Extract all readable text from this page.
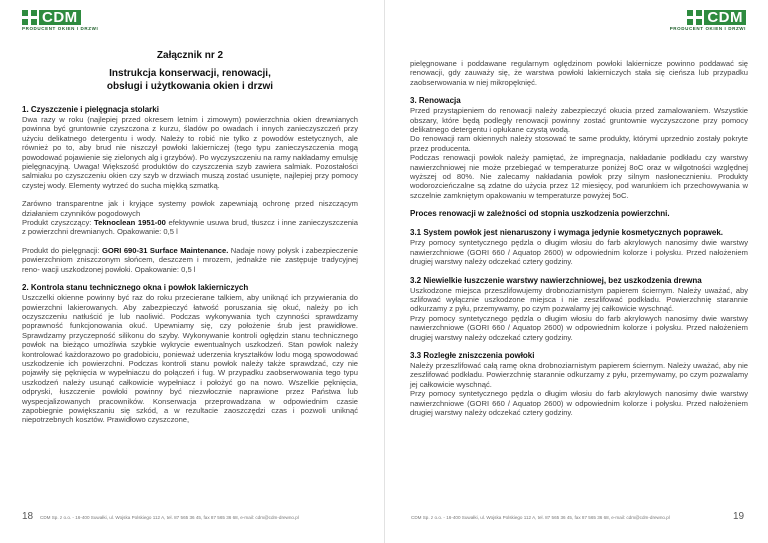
CDM
PRODUCENT OKIEN I DRZWI
Załącznik nr 2
Instrukcja konserwacji, renowacji,
obsługi i użytkowania okien i drzwi
1. Czyszczenie i pielęgnacja stolarki

Dwa razy w roku (najlepiej przed okresem letnim i zimowym) powierzchnia okien drewnianych powinna być gruntownie czyszczona z kurzu, śladów po owadach i innych zanieczyszczeń przy użyciu delikatnego detergentu i wody. Należy to robić nie tylko z powodów estetycznych, ale również po to, aby brud nie niszczył powłoki lakierniczej (tego typu zanieczyszczenia mogą powodować pojawienie się zielonych alg i grzybów). Po wyczyszczeniu na ramy nakładamy emulsję pielęgnacyjną. Uwaga! Większość produktów do czyszczenia szyb zawiera salmiak. Pozostałości salmiaku po czyszczeniu okien czy szyb w drzwiach muszą zostać usunięte, najlepiej przy pomocy czystej wody. Elementy wytrzeć do sucha miękką szmatką.

Zarówno transparentne jak i kryjące systemy powłok zapewniają ochronę przed niszczącym działaniem czynników pogodowych

Produkt czyszczący: Teknoclean 1951-00 efektywnie usuwa brud, tłuszcz i inne zanieczyszczenia z powierzchni drewnianych. Opakowanie: 0,5 l

Produkt do pielęgnacji: GORI 690-31 Surface Maintenance. Nadaje nowy połysk i zabezpieczenie powierzchniom zniszczonym słońcem, deszczem i mrozem, jednakże nie zastępuje tradycyjnej reno- wacji uszkodzonej powłoki. Opakowanie: 0,5 l

2. Kontrola stanu technicznego okna i powłok lakierniczych

Uszczelki okienne powinny być raz do roku przecierane talkiem, aby uniknąć ich przywierania do powierzchni lakierowanych. Aby zabezpieczyć łatwość poruszania się okuć, należy po ich oczyszczeniu natłuścić je lub naoliwić. Podczas wykonywania tych czynności sprawdzamy poprawność funkcjonowania okuć. Upewniamy się, czy położenie śrub jest prawidłowe. Sprawdzamy przyczepność silikonu do szyby. Wykonywanie kontroli ogłędzin stanu technicznego powłok na bieżąco umożliwia szybkie wykrycie ewentualnych uszkodzeń. Stan powłok należy kontrolować każdorazowo po gradobiciu, ponieważ uderzenia kryształków lodu mogą spowodować uszkodzenie ich powierzchni. Podczas kontroli stanu powłok należy także sprawdzać, czy nie pojawiły się pęknięcia w wypełniaczu do połączeń i fug. W przypadku zaobserwowania tego typu uszkodzeń należy usunąć całkowicie wypełniacz i położyć go na nowo. Wszelkie pęknięcia, odpryski, łuszczenie powłoki powinny być niezwłocznie naprawione przez Państwa lub wyspecjalizowanych pracowników. Konserwacja przeprowadzana w odpowiednim czasie zapobiegnie powiększaniu się szkód, a w rezultacie zaoszczędzi czas i pozwoli uniknąć niepotrzebnych kosztów. Prawidłowo czyszczone,

18 CDM Sp. z o.o. - 16-400 Suwałki, ul. Wojska Polskiego 112 A, tel. 87 565 36 45, fax 87 565 36 68, e-mail: cdm@cdm-drewno.pl
CDM
PRODUCENT OKIEN I DRZWI

pielęgnowane i poddawane regularnym oględzinom powłoki lakiernicze powinno poddawać się renowacji, gdy zauważy się, że warstwa powłoki lakierniczych stała się cieńsza lub przypadku zaobserwowania w niej mikropęknięć.

3. Renowacja

Przed przystąpieniem do renowacji należy zabezpieczyć okucia przed zamalowaniem. Wszystkie obszary, które będą podległy renowacji powinny zostać gruntownie wyczyszczone przy pomocy delikatnego detergentu i opłukane czystą wodą.

Do renowacji ram okiennych należy stosować te same produkty, którymi uprzednio zostały pokryte przez producenta.

Podczas renowacji powłok należy pamiętać, że impregnacja, nakładanie podkładu czy warstwy nawierzchniowej nie może przebiegać w temperaturze poniżej 8oC oraz w wilgotności względnej wyższej od 80%. Nie zalecamy nakładania powłok przy silnym nasłonecznieniu. Produkty wodorozcieńczalne są zdatne do użycia przez 12 miesięcy, pod warunkiem ich przechowywania w szczelnie zamkniętym opakowaniu w temperaturze powyżej 5oC.

Proces renowacji w zależności od stopnia uszkodzenia powierzchni.
3.1 System powłok jest nienaruszony i wymaga jedynie kosmetycznych poprawek.

Przy pomocy syntetycznego pędzla o długim włosiu do farb akrylowych nanosimy dwie warstwy nawierzchniowe (GORI 660 / Aquatop 2600) w odpowiednim kolorze i połysku. Przed nałożeniem drugiej warstwy należy odczekać cztery godziny.

3.2 Niewielkie łuszczenie warstwy nawierzchniowej, bez uszkodzenia drewna

Uszkodzone miejsca przeszlifowujemy drobnoziarnistym papierem ściernym. Należy uważać, aby szlifować wyłącznie uszkodzone miejsca i nie zeszlifować podkładu. Powierzchnię starannie odkurzamy z pyłu, przemywamy, po czym pozwalamy jej całkowicie wyschnąć.

Przy pomocy syntetycznego pędzla o długim włosiu do farb akrylowych nanosimy dwie warstwy nawierzchniowe (GORI 660 / Aquatop 2600) w odpowiednim kolorze i połysku. Przed nałożeniem drugiej warstwy należy odczekać cztery godziny.

3.3 Rozległe zniszczenia powłoki

Należy przeszlifować całą ramę okna drobnoziarnistym papierem ściernym. Należy uważać, aby nie zeszlifować podkładu. Powierzchnię starannie odkurzamy z pyłu, przemywamy, po czym pozwalamy jej całkowicie wyschnąć.

Przy pomocy syntetycznego pędzla o długim włosiu do farb akrylowych nanosimy dwie warstwy nawierzchniowe (GORI 660 / Aquatop 2600) w odpowiednim kolorze i połysku. Przed nałożeniem drugiej warstwy należy odczekać cztery godziny.

CDM Sp. z o.o. - 16-400 Suwałki, ul. Wojska Polskiego 112 A, tel. 87 565 36 45, fax 87 565 36 68, e-mail: cdm@cdm-drewno.pl	19
